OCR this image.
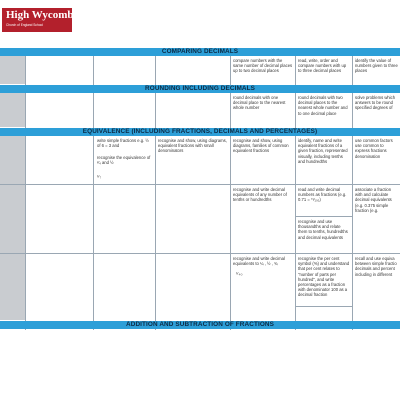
High Wycombe
Church of England School
COMPARING DECIMALS
ROUNDING INCLUDING DECIMALS
EQUIVALENCE (INCLUDING FRACTIONS, DECIMALS AND PERCENTAGES)
ADDITION AND SUBTRACTION OF FRACTIONS
compare numbers with the same number of decimal places up to two decimal places
read, write, order and compare numbers with up to three decimal places
identify the value of numbers given to three places
round decimals with one decimal place to the nearest whole number
round decimals with two decimal places to the nearest whole number and to one decimal place
solve problems which answers to be round specified degrees of
write simple fractions e.g. ½ of 6 = 3 and
recognise the equivalence of ²⁄₄ and ½
recognise and show, using diagrams, equivalent fractions with small denominators
recognise and show, using diagrams, families of common equivalent fractions
identify, name and write equivalent fractions of a given fraction, represented visually, including tenths and hundredths
use common factors use common to express fractions denomination
¹⁄₇
recognise and write decimal equivalents of any number of tenths or hundredths
read and write decimal numbers as fractions (e.g. 0.71 = ⁷¹⁄₁₀₀)
recognise and use thousandths and relate them to tenths, hundredths and decimal equivalents
associate a fraction with and calculate decimal equivalents (e.g. 0.375 simple fraction (e.g.
recognise and write decimal equivalents to ¼ , ½ , ¾
¹⁄₄₀
recognise the per cent symbol (%) and understand that per cent relates to "number of parts per hundred", and write percentages as a fraction with denominator 100 as a decimal fraction
recall and use equiva between simple fractio decimals and percent including in different
